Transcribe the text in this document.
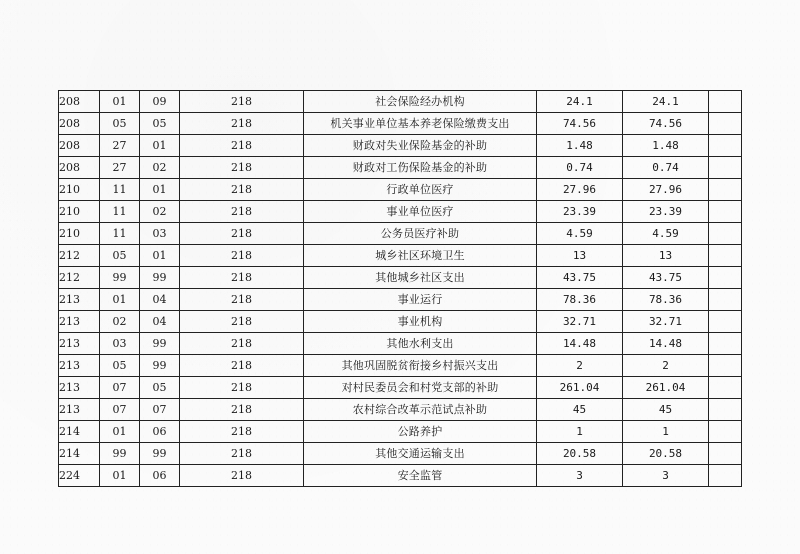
208	01	09	218	社会保险经办机构	24.1	24.1	
208	05	05	218	机关事业单位基本养老保险缴费支出	74.56	74.56	
208	27	01	218	财政对失业保险基金的补助	1.48	1.48	
208	27	02	218	财政对工伤保险基金的补助	0.74	0.74	
210	11	01	218	行政单位医疗	27.96	27.96	
210	11	02	218	事业单位医疗	23.39	23.39	
210	11	03	218	公务员医疗补助	4.59	4.59	
212	05	01	218	城乡社区环境卫生	13	13	
212	99	99	218	其他城乡社区支出	43.75	43.75	
213	01	04	218	事业运行	78.36	78.36	
213	02	04	218	事业机构	32.71	32.71	
213	03	99	218	其他水利支出	14.48	14.48	
213	05	99	218	其他巩固脱贫衔接乡村振兴支出	2	2	
213	07	05	218	对村民委员会和村党支部的补助	261.04	261.04	
213	07	07	218	农村综合改革示范试点补助	45	45	
214	01	06	218	公路养护	1	1	
214	99	99	218	其他交通运输支出	20.58	20.58	
224	01	06	218	安全监管	3	3	
